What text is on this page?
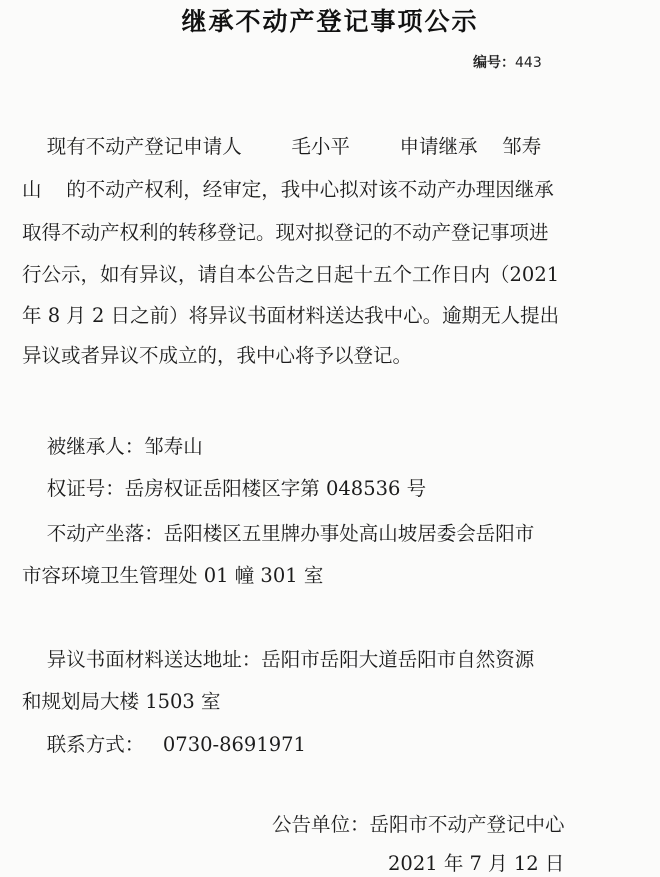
继承不动产登记事项公示
编号：443
现有不动产登记申请人        毛小平        申请继承    邹寿
山    的不动产权利，经审定，我中心拟对该不动产办理因继承
取得不动产权利的转移登记。现对拟登记的不动产登记事项进
行公示，如有异议，请自本公告之日起十五个工作日内（2021
年 8 月 2 日之前）将异议书面材料送达我中心。逾期无人提出
异议或者异议不成立的，我中心将予以登记。
被继承人：邹寿山
权证号：岳房权证岳阳楼区字第 048536 号
不动产坐落：岳阳楼区五里牌办事处高山坡居委会岳阳市
市容环境卫生管理处 01 幢 301 室
异议书面材料送达地址：岳阳市岳阳大道岳阳市自然资源
和规划局大楼 1503 室
联系方式：   0730-8691971
公告单位：岳阳市不动产登记中心
2021 年 7 月 12 日
